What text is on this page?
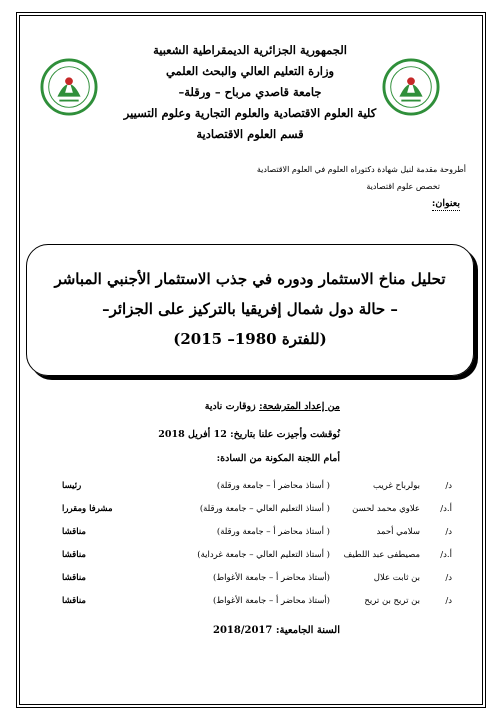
الجمهورية الجزائرية الديمقراطية الشعبية
وزارة التعليم العالي والبحث العلمي
جامعة قاصدي مرباح – ورقلة–
كلية العلوم الاقتصادية والعلوم التجارية وعلوم التسيير
قسم العلوم الاقتصادية
أطروحة مقدمة لنيل شهادة دكتوراه العلوم في العلوم الاقتصادية
تخصص علوم اقتصادية
بعنوان:
تحليل مناخ الاستثمار ودوره في جذب الاستثمار الأجنبي المباشر
– حالة دول شمال إفريقيا بالتركيز على الجزائر–
(للفترة 1980– 2015)
من إعداد المترشحة: زوقارت نادية
نُوقشت وأجيزت علنا بتاريخ: 12 أفريل 2018
أمام اللجنة المكونة من السادة:
د/
بولرباح غريب
( أستاذ محاضر أ – جامعة ورقلة)
رئيسا
أ.د/
علاوي محمد لحسن
( أستاذ التعليم العالي – جامعة ورقلة)
مشرفا ومقررا
د/
سلامي أحمد
( أستاذ محاضر أ – جامعة ورقلة)
مناقشا
أ.د/
مصيطفى عبد اللطيف
( أستاذ التعليم العالي – جامعة غرداية)
مناقشا
د/
بن ثابت علال
(أستاذ محاضر أ – جامعة الأغواط)
مناقشا
د/
بن تريح بن تريح
(أستاذ محاضر أ – جامعة الأغواط)
مناقشا
السنة الجامعية: 2018/2017
